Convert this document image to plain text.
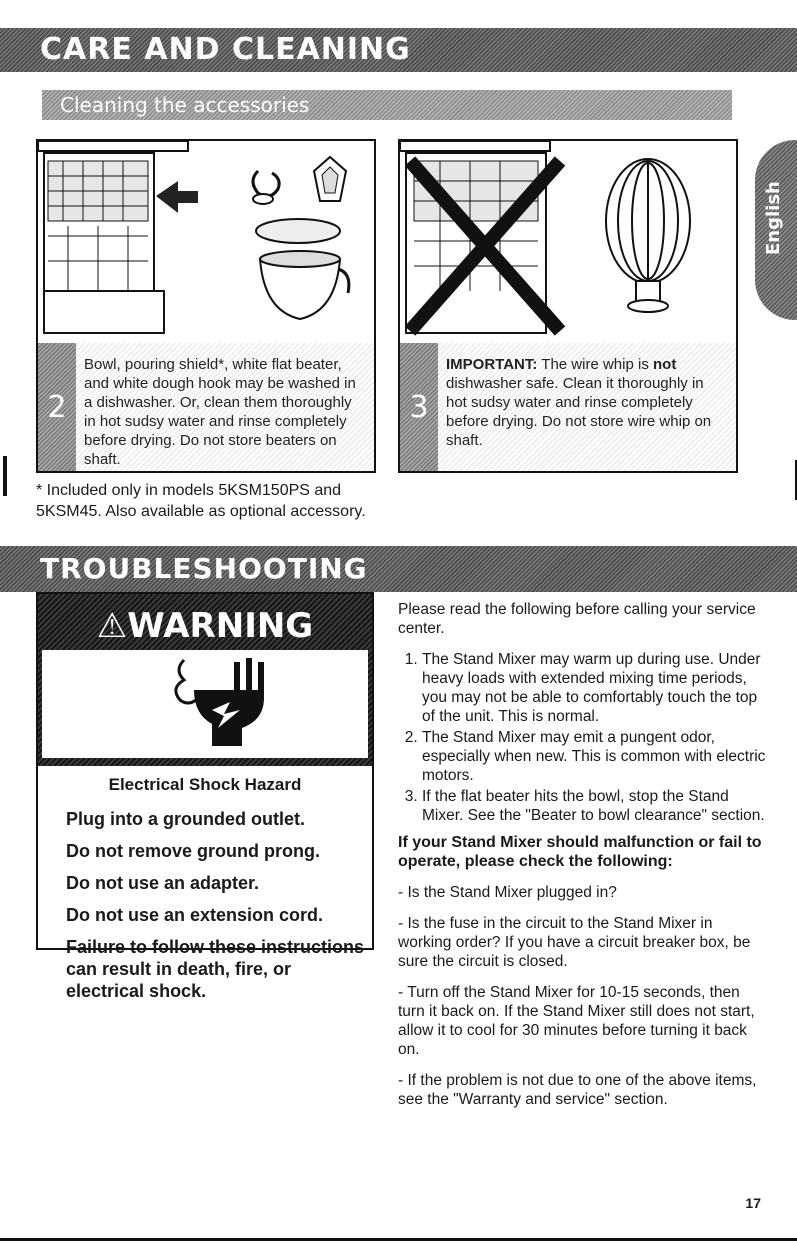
CARE AND CLEANING
Cleaning the accessories
English
2
Bowl, pouring shield*, white flat beater, and white dough hook may be washed in a dishwasher. Or, clean them thoroughly in hot sudsy water and rinse completely before drying. Do not store beaters on shaft.
3
IMPORTANT: The wire whip is not dishwasher safe. Clean it thoroughly in hot sudsy water and rinse completely before drying. Do not store wire whip on shaft.
* Included only in models 5KSM150PS and 5KSM45. Also available as optional accessory.
TROUBLESHOOTING
⚠WARNING
Electrical Shock Hazard
Plug into a grounded outlet.
Do not remove ground prong.
Do not use an adapter.
Do not use an extension cord.
Failure to follow these instructions can result in death, fire, or electrical shock.

Please read the following before calling your service center.

1. The Stand Mixer may warm up during use. Under heavy loads with extended mixing time periods, you may not be able to comfortably touch the top of the unit. This is normal.
2. The Stand Mixer may emit a pungent odor, especially when new. This is common with electric motors.
3. If the flat beater hits the bowl, stop the Stand Mixer. See the "Beater to bowl clearance" section.

If your Stand Mixer should malfunction or fail to operate, please check the following:

- Is the Stand Mixer plugged in?

- Is the fuse in the circuit to the Stand Mixer in working order? If you have a circuit breaker box, be sure the circuit is closed.

- Turn off the Stand Mixer for 10-15 seconds, then turn it back on. If the Stand Mixer still does not start, allow it to cool for 30 minutes before turning it back on.

- If the problem is not due to one of the above items, see the "Warranty and service" section.

17
